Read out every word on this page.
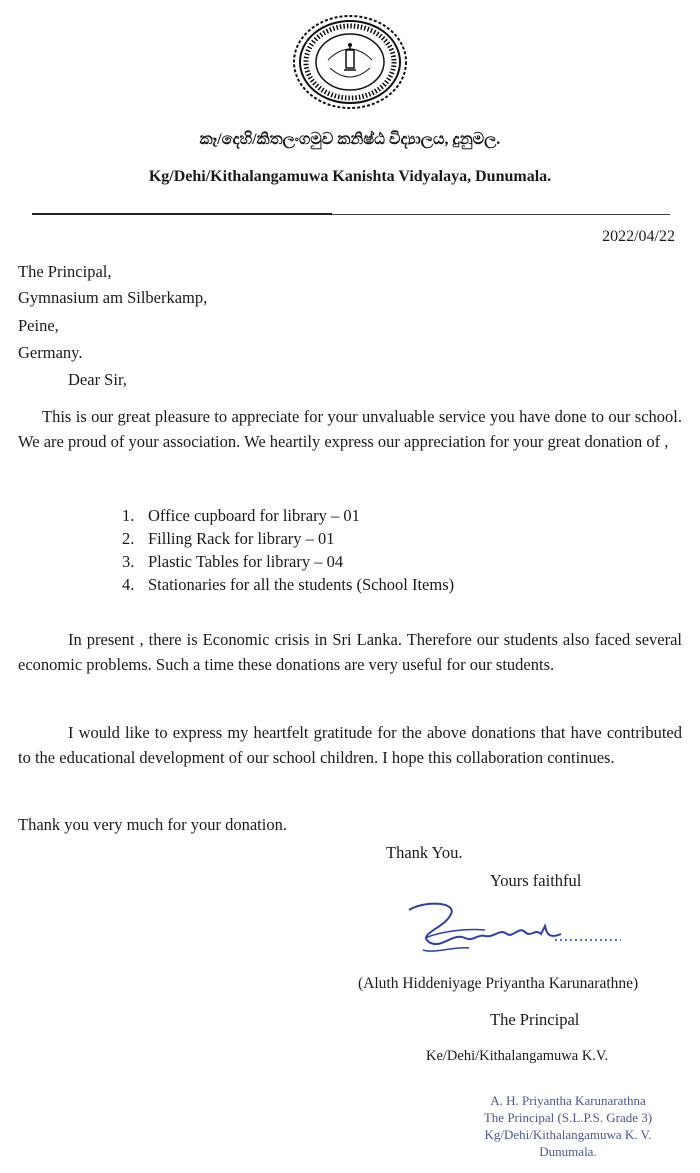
කෑ/දෙහි/කිතලංගමුව කනිෂ්ඨ විද්‍යාලය, දුනුමල.
Kg/Dehi/Kithalangamuwa Kanishta Vidyalaya, Dunumala.
2022/04/22
The Principal,
Gymnasium am Silberkamp,
Peine,
Germany.
Dear Sir,
This is our great pleasure to appreciate for your unvaluable service you have done to our school. We are proud of your association. We heartily express our appreciation for your great donation of ,
1. Office cupboard for library – 01
2. Filling Rack for library – 01
3. Plastic Tables for library – 04
4. Stationaries for all the students (School Items)
In present , there is Economic crisis in Sri Lanka. Therefore our students also faced several economic problems. Such a time these donations are very useful for our students.
I would like to express my heartfelt gratitude for the above donations that have contributed to the educational development of our school children. I hope this collaboration continues.
Thank you very much for your donation.
Thank You.
Yours faithful
(Aluth Hiddeniyage Priyantha Karunarathne)
The Principal
Ke/Dehi/Kithalangamuwa K.V.
A. H. Priyantha Karunarathna
The Principal (S.L.P.S. Grade 3)
Kg/Dehi/Kithalangamuwa K. V.
Dunumala.
